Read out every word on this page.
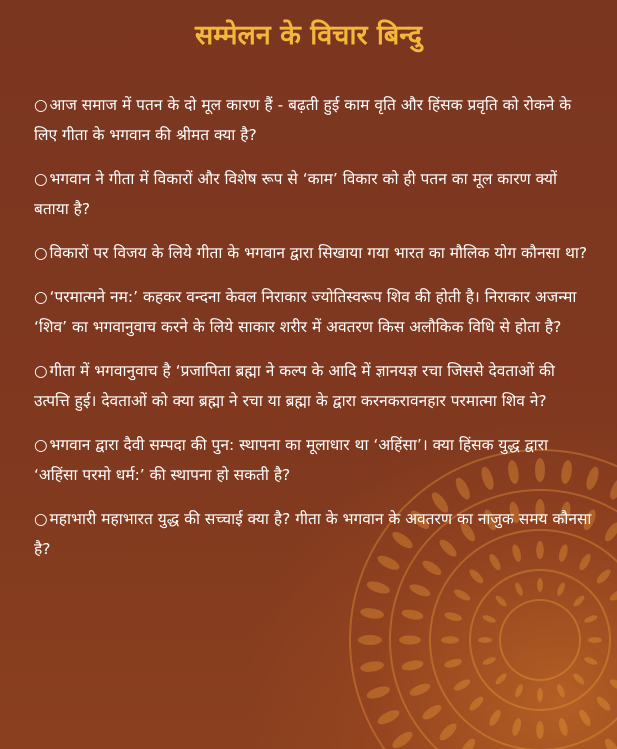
सम्मेलन के विचार बिन्दु
○ आज समाज में पतन के दो मूल कारण हैं - बढ़ती हुई काम वृति और हिंसक प्रवृति को रोकने के लिए गीता के भगवान की श्रीमत क्या है?
○ भगवान ने गीता में विकारों और विशेष रूप से ‘काम’ विकार को ही पतन का मूल कारण क्यों बताया है?
○ विकारों पर विजय के लिये गीता के भगवान द्वारा सिखाया गया भारत का मौलिक योग कौनसा था?
○ ‘परमात्मने नम:’ कहकर वन्दना केवल निराकार ज्योतिस्वरूप शिव की होती है। निराकार अजन्मा ‘शिव’ का भगवानुवाच करने के लिये साकार शरीर में अवतरण किस अलौकिक विधि से होता है?
○ गीता में भगवानुवाच है ‘प्रजापिता ब्रह्मा ने कल्प के आदि में ज्ञानयज्ञ रचा जिससे देवताओं की उत्पत्ति हुई। देवताओं को क्या ब्रह्मा ने रचा या ब्रह्मा के द्वारा करनकरावनहार परमात्मा शिव ने?
○ भगवान द्वारा दैवी सम्पदा की पुन: स्थापना का मूलाधार था ‘अहिंसा’। क्या हिंसक युद्ध द्वारा ‘अहिंसा परमो धर्म:’ की स्थापना हो सकती है?
○ महाभारी महाभारत युद्ध की सच्चाई क्या है? गीता के भगवान के अवतरण का नाजुक समय कौनसा है?
